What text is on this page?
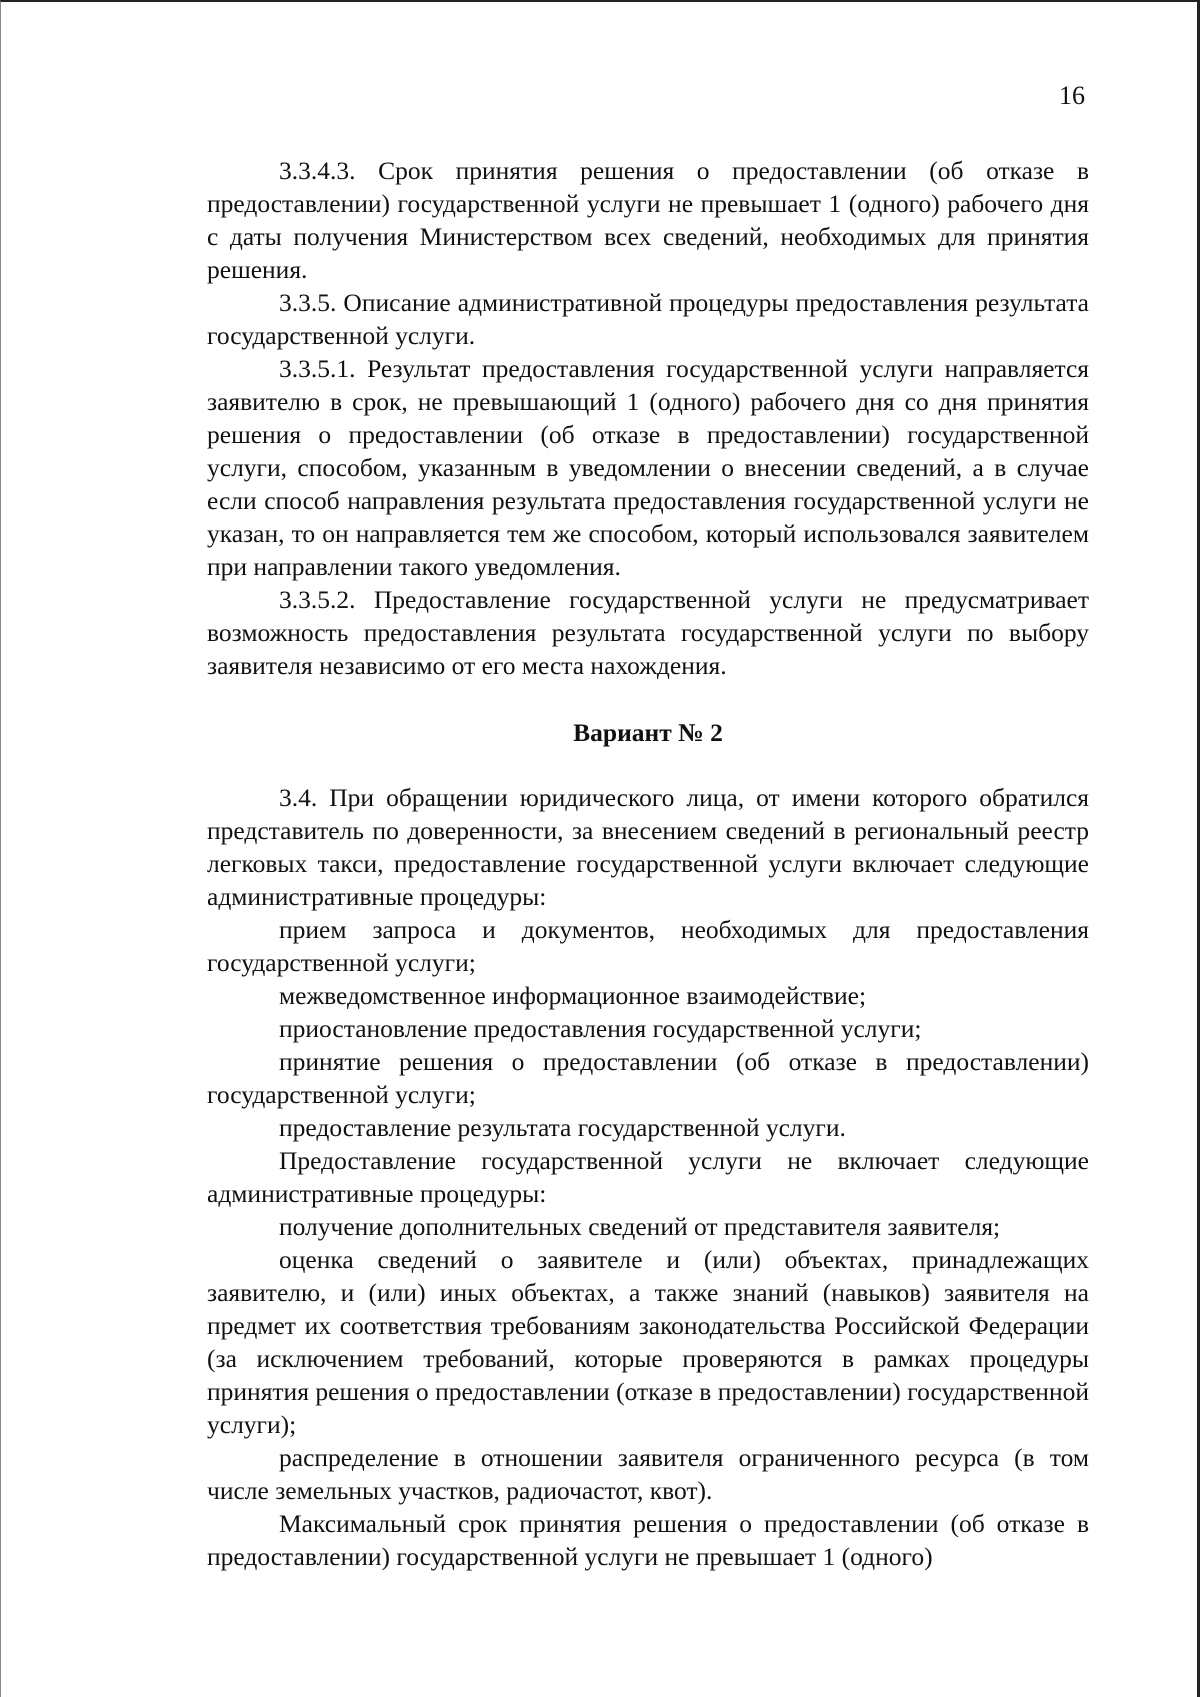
16

3.3.4.3. Срок принятия решения о предоставлении (об отказе в предоставлении) государственной услуги не превышает 1 (одного) рабочего дня с даты получения Министерством всех сведений, необходимых для принятия решения.

3.3.5. Описание административной процедуры предоставления результата государственной услуги.

3.3.5.1. Результат предоставления государственной услуги направляется заявителю в срок, не превышающий 1 (одного) рабочего дня со дня принятия решения о предоставлении (об отказе в предоставлении) государственной услуги, способом, указанным в уведомлении о внесении сведений, а в случае если способ направления результата предоставления государственной услуги не указан, то он направляется тем же способом, который использовался заявителем при направлении такого уведомления.

3.3.5.2. Предоставление государственной услуги не предусматривает возможность предоставления результата государственной услуги по выбору заявителя независимо от его места нахождения.

Вариант № 2

3.4. При обращении юридического лица, от имени которого обратился представитель по доверенности, за внесением сведений в региональный реестр легковых такси, предоставление государственной услуги включает следующие административные процедуры:

прием запроса и документов, необходимых для предоставления государственной услуги;

межведомственное информационное взаимодействие;

приостановление предоставления государственной услуги;

принятие решения о предоставлении (об отказе в предоставлении) государственной услуги;

предоставление результата государственной услуги.

Предоставление государственной услуги не включает следующие административные процедуры:

получение дополнительных сведений от представителя заявителя;

оценка сведений о заявителе и (или) объектах, принадлежащих заявителю, и (или) иных объектах, а также знаний (навыков) заявителя на предмет их соответствия требованиям законодательства Российской Федерации (за исключением требований, которые проверяются в рамках процедуры принятия решения о предоставлении (отказе в предоставлении) государственной услуги);

распределение в отношении заявителя ограниченного ресурса (в том числе земельных участков, радиочастот, квот).

Максимальный срок принятия решения о предоставлении (об отказе в предоставлении) государственной услуги не превышает 1 (одного)
